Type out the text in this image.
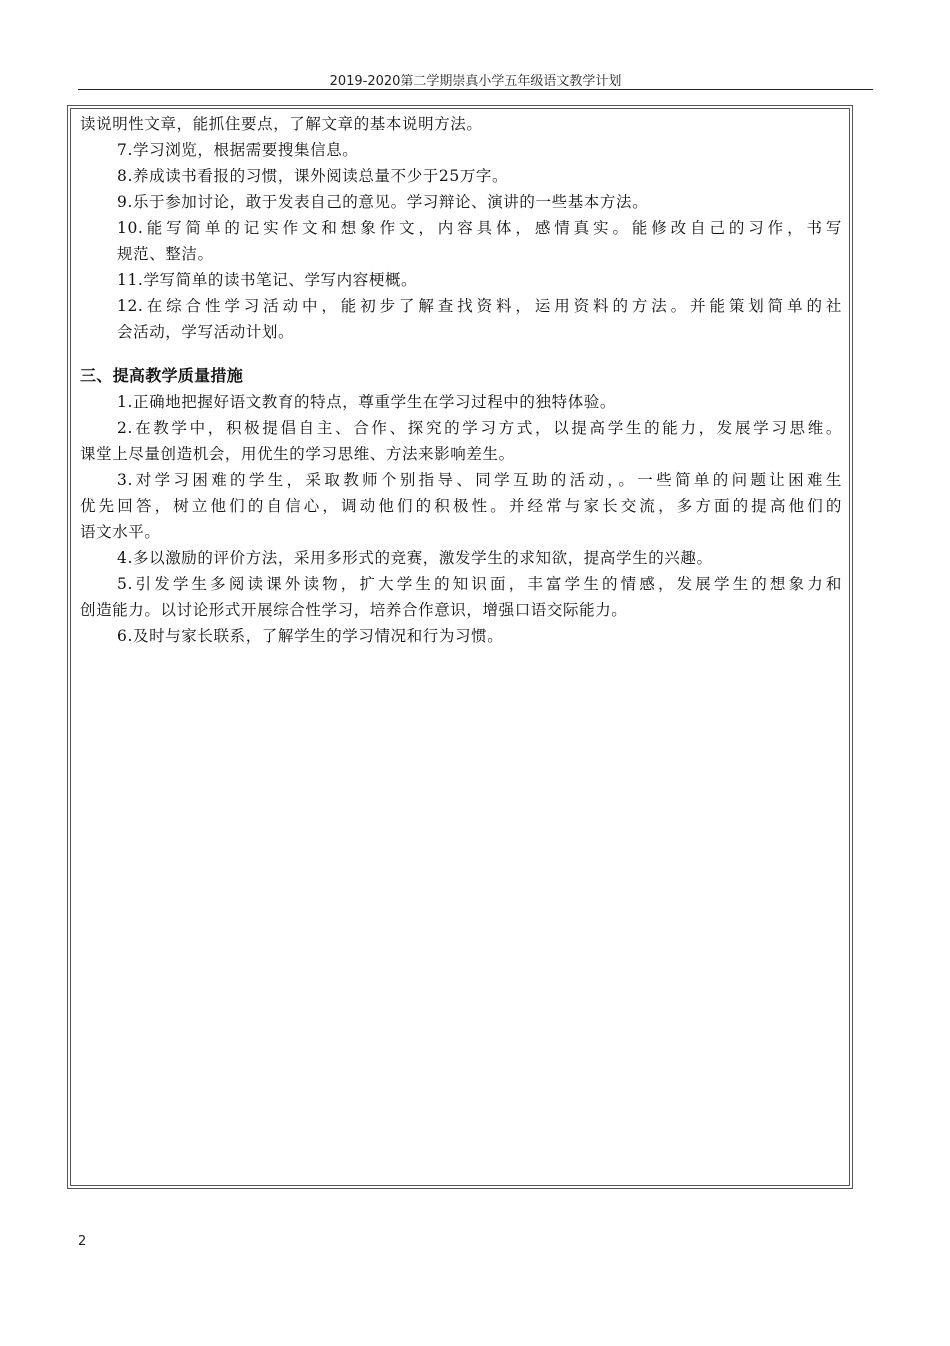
2019-2020第二学期崇真小学五年级语文教学计划

读说明性文章，能抓住要点，了解文章的基本说明方法。

7.学习浏览，根据需要搜集信息。

8.养成读书看报的习惯，课外阅读总量不少于25万字。

9.乐于参加讨论，敢于发表自己的意见。学习辩论、演讲的一些基本方法。

10.能写简单的记实作文和想象作文，内容具体，感情真实。能修改自己的习作，书写

规范、整洁。

11.学写简单的读书笔记、学写内容梗概。

12.在综合性学习活动中，能初步了解查找资料，运用资料的方法。并能策划简单的社

会活动，学写活动计划。

三、提高教学质量措施

1.正确地把握好语文教育的特点，尊重学生在学习过程中的独特体验。

2.在教学中，积极提倡自主、合作、探究的学习方式，以提高学生的能力，发展学习思维。

课堂上尽量创造机会，用优生的学习思维、方法来影响差生。

3.对学习困难的学生，采取教师个别指导、同学互助的活动，。一些简单的问题让困难生

优先回答，树立他们的自信心，调动他们的积极性。并经常与家长交流，多方面的提高他们的

语文水平。

4.多以激励的评价方法，采用多形式的竞赛，激发学生的求知欲，提高学生的兴趣。

5.引发学生多阅读课外读物，扩大学生的知识面，丰富学生的情感，发展学生的想象力和

创造能力。以讨论形式开展综合性学习，培养合作意识，增强口语交际能力。

6.及时与家长联系，了解学生的学习情况和行为习惯。

2
